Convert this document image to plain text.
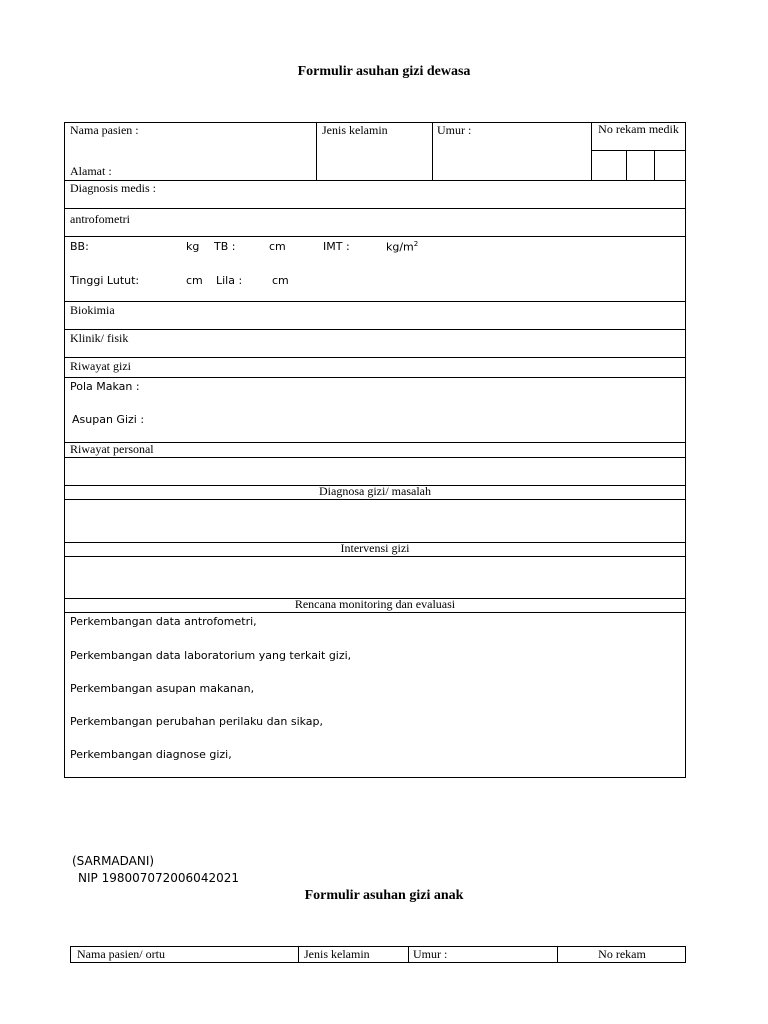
Formulir asuhan gizi dewasa
Nama pasien :
Alamat :
Jenis kelamin	Umur :	No rekam medik
Diagnosis medis :
antrofometri
BB:	kg TB :	cm	IMT :	$kg/m^2$
Tinggi Lutut:	cm Lila :	cm
Biokimia
Klinik/ fisik
Riwayat gizi
Pola Makan :
Asupan Gizi :
Riwayat personal
Diagnosa gizi/ masalah
Intervensi gizi
Rencana monitoring dan evaluasi
Perkembangan data antrofometri,
Perkembangan data laboratorium yang terkait gizi,
Perkembangan asupan makanan,
Perkembangan perubahan perilaku dan sikap,
Perkembangan diagnose gizi,
(SARMADANI)
NIP 198007072006042021
Formulir asuhan gizi anak
Nama pasien/ ortu	Jenis kelamin	Umur :	No rekam
